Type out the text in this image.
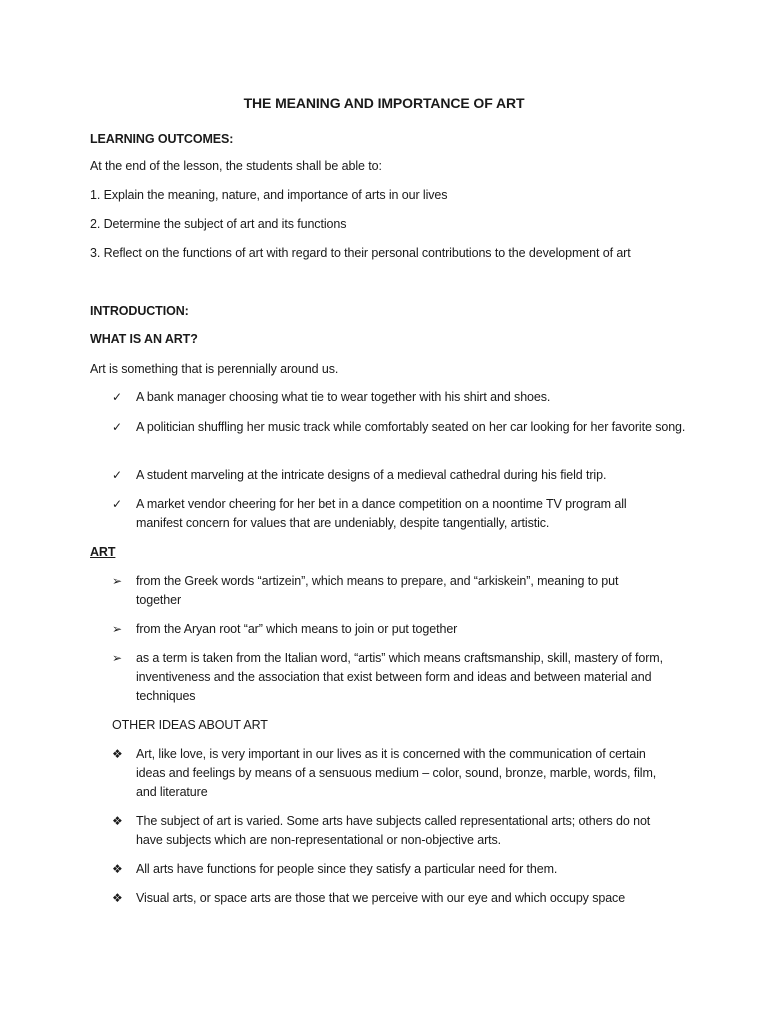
THE MEANING AND IMPORTANCE OF ART
LEARNING OUTCOMES:
At the end of the lesson, the students shall be able to:
1. Explain the meaning, nature, and importance of arts in our lives
2. Determine the subject of art and its functions
3. Reflect on the functions of art with regard to their personal contributions to the development of art
INTRODUCTION:
WHAT IS AN ART?
Art is something that is perennially around us.
✓	A bank manager choosing what tie to wear together with his shirt and shoes.
✓	A politician shuffling her music track while comfortably seated on her car looking for her favorite song.
✓	A student marveling at the intricate designs of a medieval cathedral during his field trip.
✓	A market vendor cheering for her bet in a dance competition on a noontime TV program all manifest concern for values that are undeniably, despite tangentially, artistic.
ART
➢	from the Greek words “artizein”, which means to prepare, and “arkiskein”, meaning to put together
➢	from the Aryan root “ar” which means to join or put together
➢	as a term is taken from the Italian word, “artis” which means craftsmanship, skill, mastery of form, inventiveness and the association that exist between form and ideas and between material and techniques
OTHER IDEAS ABOUT ART
❖ Art, like love, is very important in our lives as it is concerned with the communication of certain ideas and feelings by means of a sensuous medium – color, sound, bronze, marble, words, film, and literature
❖ The subject of art is varied. Some arts have subjects called representational arts; others do not have subjects which are non-representational or non-objective arts.
❖ All arts have functions for people since they satisfy a particular need for them.
❖ Visual arts, or space arts are those that we perceive with our eye and which occupy space
